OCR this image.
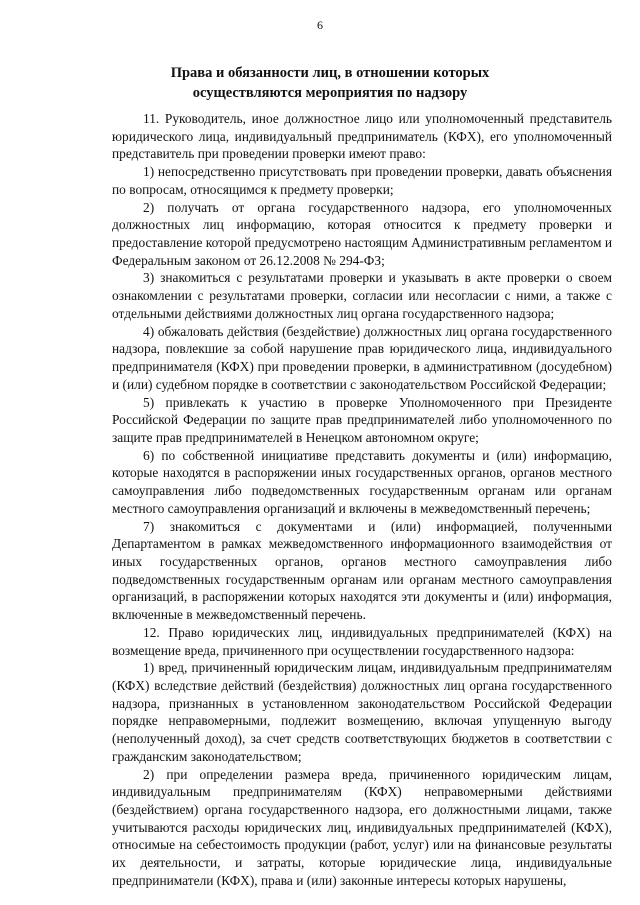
6
Права и обязанности лиц, в отношении которых
осуществляются мероприятия по надзору

11. Руководитель, иное должностное лицо или уполномоченный представитель юридического лица, индивидуальный предприниматель (КФХ), его уполномоченный представитель при проведении проверки имеют право:

1) непосредственно присутствовать при проведении проверки, давать объяснения по вопросам, относящимся к предмету проверки;

2) получать от органа государственного надзора, его уполномоченных должностных лиц информацию, которая относится к предмету проверки и предоставление которой предусмотрено настоящим Административным регламентом и Федеральным законом от 26.12.2008 № 294-ФЗ;

3) знакомиться с результатами проверки и указывать в акте проверки о своем ознакомлении с результатами проверки, согласии или несогласии с ними, а также с отдельными действиями должностных лиц органа государственного надзора;

4) обжаловать действия (бездействие) должностных лиц органа государственного надзора, повлекшие за собой нарушение прав юридического лица, индивидуального предпринимателя (КФХ) при проведении проверки, в административном (досудебном) и (или) судебном порядке в соответствии с законодательством Российской Федерации;

5) привлекать к участию в проверке Уполномоченного при Президенте Российской Федерации по защите прав предпринимателей либо уполномоченного по защите прав предпринимателей в Ненецком автономном округе;

6) по собственной инициативе представить документы и (или) информацию, которые находятся в распоряжении иных государственных органов, органов местного самоуправления либо подведомственных государственным органам или органам местного самоуправления организаций и включены в межведомственный перечень;

7) знакомиться с документами и (или) информацией, полученными Департаментом в рамках межведомственного информационного взаимодействия от иных государственных органов, органов местного самоуправления либо подведомственных государственным органам или органам местного самоуправления организаций, в распоряжении которых находятся эти документы и (или) информация, включенные в межведомственный перечень.

12. Право юридических лиц, индивидуальных предпринимателей (КФХ) на возмещение вреда, причиненного при осуществлении государственного надзора:

1) вред, причиненный юридическим лицам, индивидуальным предпринимателям (КФХ) вследствие действий (бездействия) должностных лиц органа государственного надзора, признанных в установленном законодательством Российской Федерации порядке неправомерными, подлежит возмещению, включая упущенную выгоду (неполученный доход), за счет средств соответствующих бюджетов в соответствии с гражданским законодательством;

2) при определении размера вреда, причиненного юридическим лицам, индивидуальным предпринимателям (КФХ) неправомерными действиями (бездействием) органа государственного надзора, его должностными лицами, также учитываются расходы юридических лиц, индивидуальных предпринимателей (КФХ), относимые на себестоимость продукции (работ, услуг) или на финансовые результаты их деятельности, и затраты, которые юридические лица, индивидуальные предприниматели (КФХ), права и (или) законные интересы которых нарушены,
